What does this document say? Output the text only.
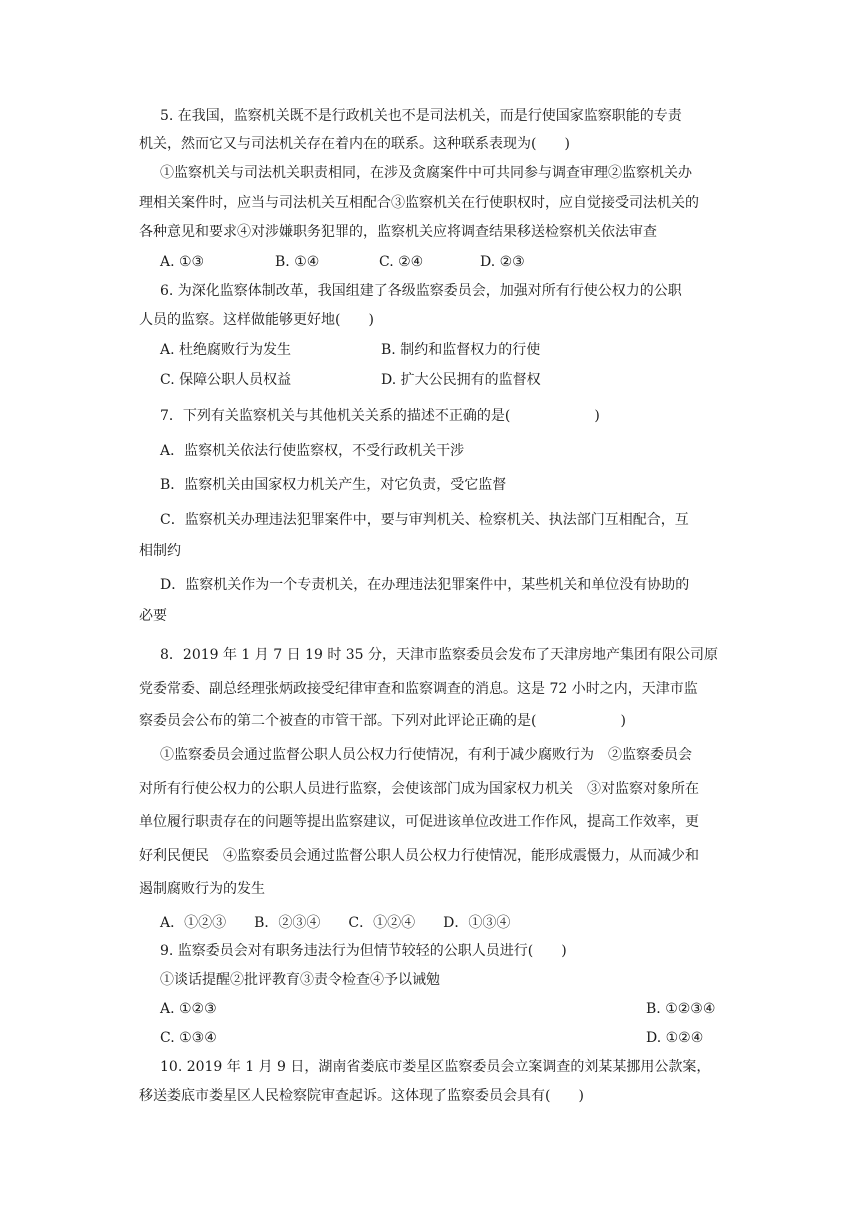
5. 在我国，监察机关既不是行政机关也不是司法机关，而是行使国家监察职能的专责
机关，然而它又与司法机关存在着内在的联系。这种联系表现为(　　)
①监察机关与司法机关职责相同，在涉及贪腐案件中可共同参与调查审理②监察机关办
理相关案件时，应当与司法机关互相配合③监察机关在行使职权时，应自觉接受司法机关的
各种意见和要求④对涉嫌职务犯罪的，监察机关应将调查结果移送检察机关依法审查
A. ①③	B. ①④	C. ②④	D. ②③
6. 为深化监察体制改革，我国组建了各级监察委员会，加强对所有行使公权力的公职
人员的监察。这样做能够更好地(　　)
A. 杜绝腐败行为发生	B. 制约和监督权力的行使
C. 保障公职人员权益	D. 扩大公民拥有的监督权
7．下列有关监察机关与其他机关关系的描述不正确的是(　　　　　　)
A．监察机关依法行使监察权，不受行政机关干涉
B．监察机关由国家权力机关产生，对它负责，受它监督
C．监察机关办理违法犯罪案件中，要与审判机关、检察机关、执法部门互相配合，互
相制约
D．监察机关作为一个专责机关，在办理违法犯罪案件中，某些机关和单位没有协助的
必要
8．2019 年 1 月 7 日 19 时 35 分，天津市监察委员会发布了天津房地产集团有限公司原
党委常委、副总经理张炳政接受纪律审查和监察调查的消息。这是 72 小时之内，天津市监
察委员会公布的第二个被查的市管干部。下列对此评论正确的是(　　　　　　)
①监察委员会通过监督公职人员公权力行使情况，有利于减少腐败行为　②监察委员会
对所有行使公权力的公职人员进行监察，会使该部门成为国家权力机关　③对监察对象所在
单位履行职责存在的问题等提出监察建议，可促进该单位改进工作作风，提高工作效率，更
好利民便民　④监察委员会通过监督公职人员公权力行使情况，能形成震慑力，从而减少和
遏制腐败行为的发生
A．①②③　　B．②③④　　C．①②④　　D．①③④
9. 监察委员会对有职务违法行为但情节较轻的公职人员进行(　　)
①谈话提醒②批评教育③责令检查④予以诫勉
A. ①②③	B. ①②③④
C. ①③④	D. ①②④
10. 2019 年 1 月 9 日，湖南省娄底市娄星区监察委员会立案调查的刘某某挪用公款案，
移送娄底市娄星区人民检察院审查起诉。这体现了监察委员会具有(　　)
